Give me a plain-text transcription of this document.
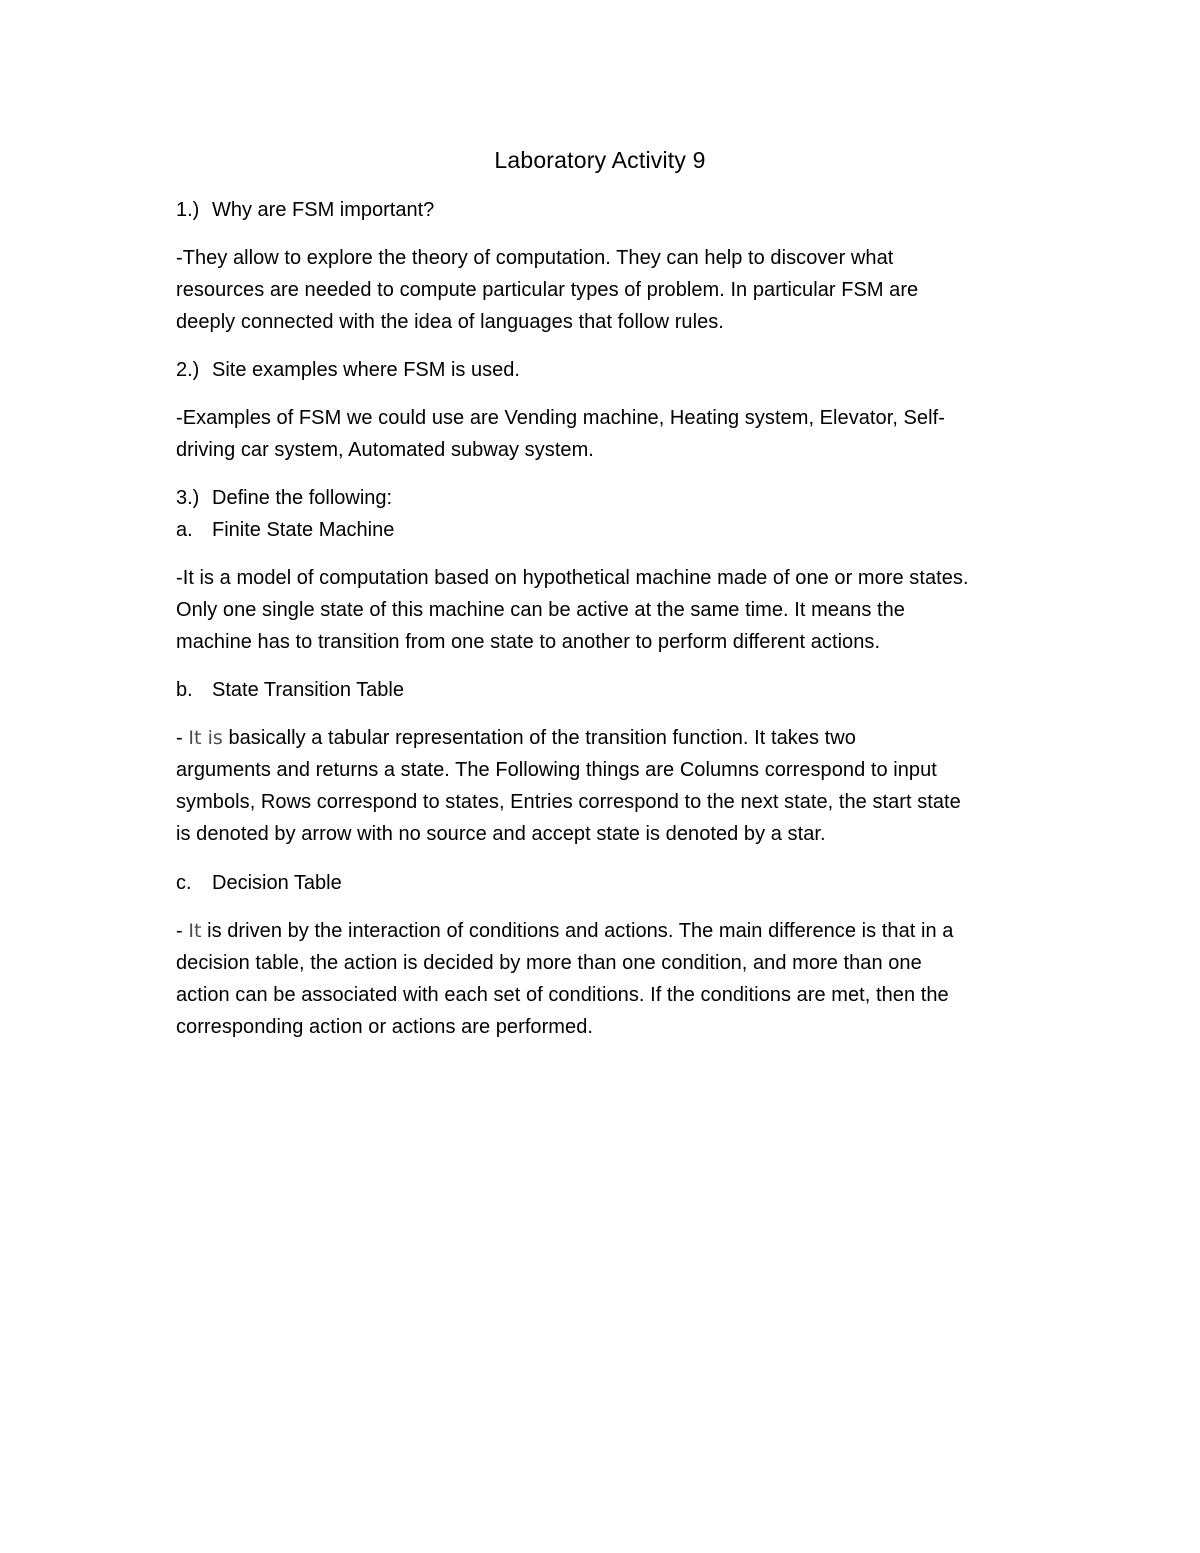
Laboratory Activity 9
1.) Why are FSM important?
-They allow to explore the theory of computation. They can help to discover what
resources are needed to compute particular types of problem. In particular FSM are
deeply connected with the idea of languages that follow rules.
2.) Site examples where FSM is used.
-Examples of FSM we could use are Vending machine, Heating system, Elevator, Self-
driving car system, Automated subway system.
3.) Define the following:
a. Finite State Machine
-It is a model of computation based on hypothetical machine made of one or more states.
Only one single state of this machine can be active at the same time. It means the
machine has to transition from one state to another to perform different actions.
b. State Transition Table
- It is basically a tabular representation of the transition function. It takes two
arguments and returns a state. The Following things are Columns correspond to input
symbols, Rows correspond to states, Entries correspond to the next state, the start state
is denoted by arrow with no source and accept state is denoted by a star.
c. Decision Table
- It is driven by the interaction of conditions and actions. The main difference is that in a
decision table, the action is decided by more than one condition, and more than one
action can be associated with each set of conditions. If the conditions are met, then the
corresponding action or actions are performed.
